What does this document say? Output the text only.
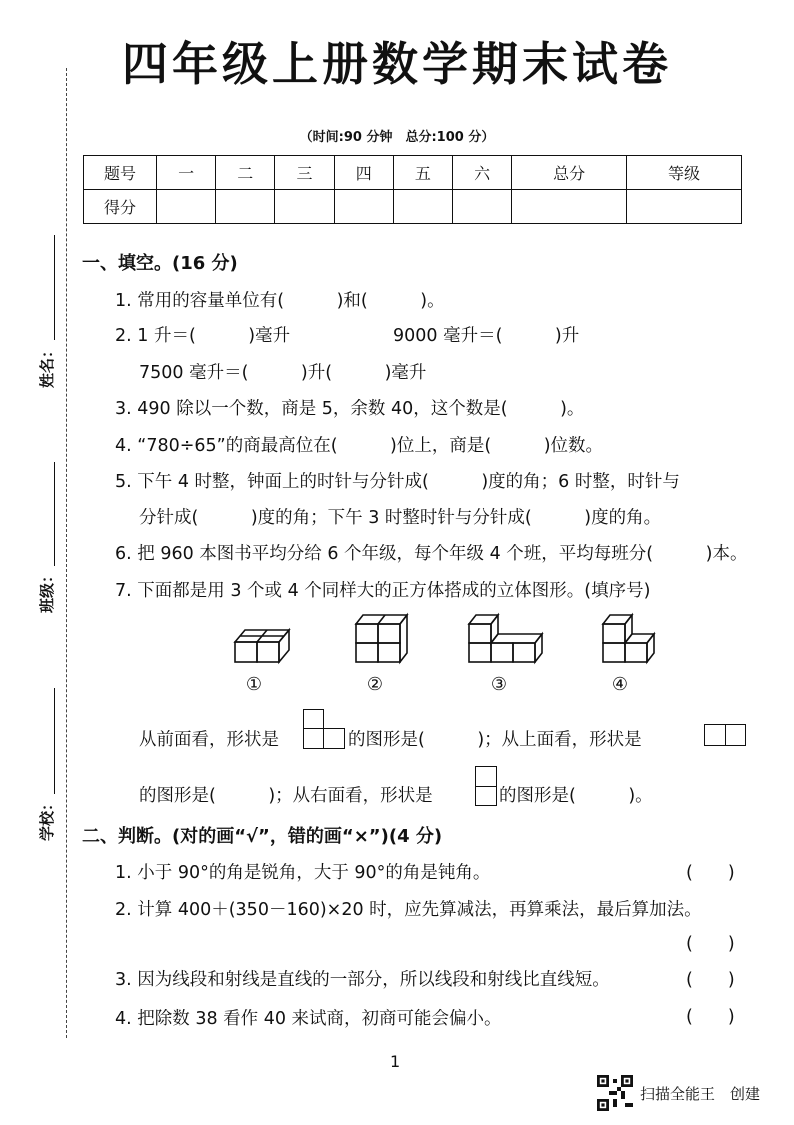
姓名：
班级：
学校：
四年级上册数学期末试卷
（时间:90 分钟　总分:100 分）
题号	一	二	三	四	五	六	总分	等级
得分								
一、填空。(16 分)
1. 常用的容量单位有(　　　)和(　　　)。
2. 1 升＝(　　　)毫升	9000 毫升＝(　　　)升
7500 毫升＝(　　　)升(　　　)毫升
3. 490 除以一个数，商是 5，余数 40，这个数是(　　　)。
4. “780÷65”的商最高位在(　　　)位上，商是(　　　)位数。
5. 下午 4 时整，钟面上的时针与分针成(　　　)度的角；6 时整，时针与
分针成(　　　)度的角；下午 3 时整时针与分针成(　　　)度的角。
6. 把 960 本图书平均分给 6 个年级，每个年级 4 个班，平均每班分(　　　)本。
7. 下面都是用 3 个或 4 个同样大的正方体搭成的立体图形。(填序号)
①	②	③	④
从前面看，形状是	的图形是(　　　)；从上面看，形状是
的图形是(　　　)；从右面看，形状是	的图形是(　　　)。
二、判断。(对的画“√”，错的画“×”)(4 分)
1. 小于 90°的角是锐角，大于 90°的角是钝角。	(　　)
2. 计算 400＋(350－160)×20 时，应先算减法，再算乘法，最后算加法。
(　　)
3. 因为线段和射线是直线的一部分，所以线段和射线比直线短。	(　　)
4. 把除数 38 看作 40 来试商，初商可能会偏小。	(　　)
1
扫描全能王　创建
